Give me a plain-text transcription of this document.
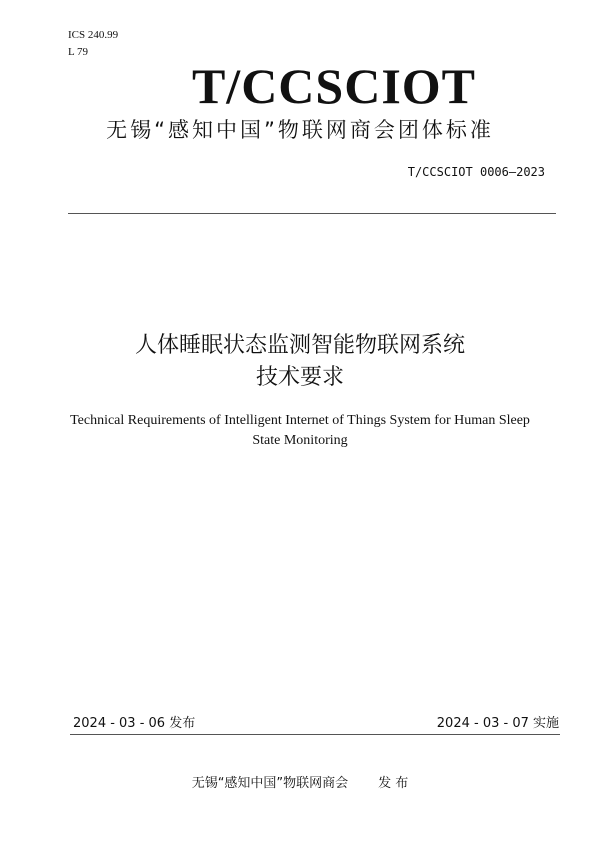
ICS 240.99
L 79
T/CCSCIOT
无锡“感知中国”物联网商会团体标准
T/CCSCIOT 0006—2023
人体睡眠状态监测智能物联网系统
技术要求
Technical Requirements of Intelligent Internet of Things System for Human Sleep
State Monitoring
2024 - 03 - 06 发布	2024 - 03 - 07 实施
无锡“感知中国”物联网商会 发 布
